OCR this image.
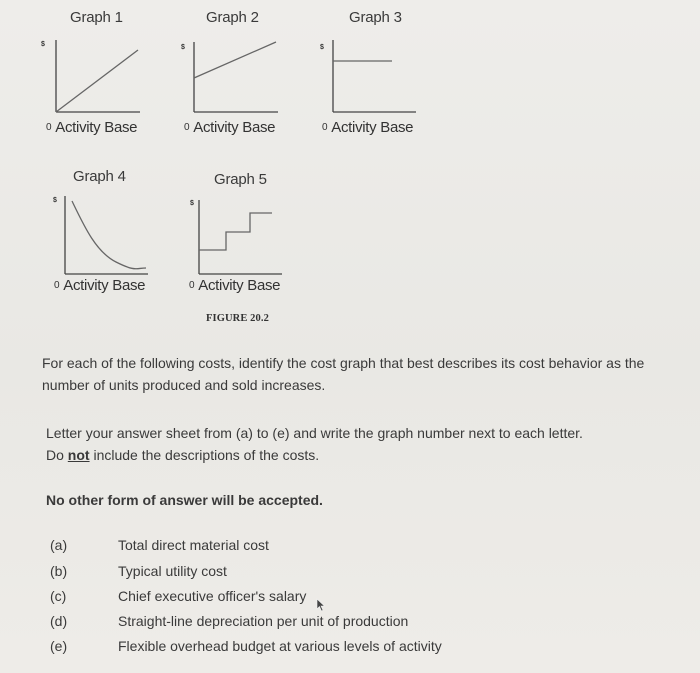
Graph 1
$
0 Activity Base
Graph 2
$
0 Activity Base
Graph 3
$
0 Activity Base
Graph 4
$
0 Activity Base
Graph 5
$
0 Activity Base
FIGURE 20.2
For each of the following costs, identify the cost graph that best describes its cost behavior as the number of units produced and sold increases.
Letter your answer sheet from (a) to (e) and write the graph number next to each letter.
Do not include the descriptions of the costs.
No other form of answer will be accepted.
(a)	Total direct material cost
(b)	Typical utility cost
(c)	Chief executive officer's salary
(d)	Straight-line depreciation per unit of production
(e)	Flexible overhead budget at various levels of activity
